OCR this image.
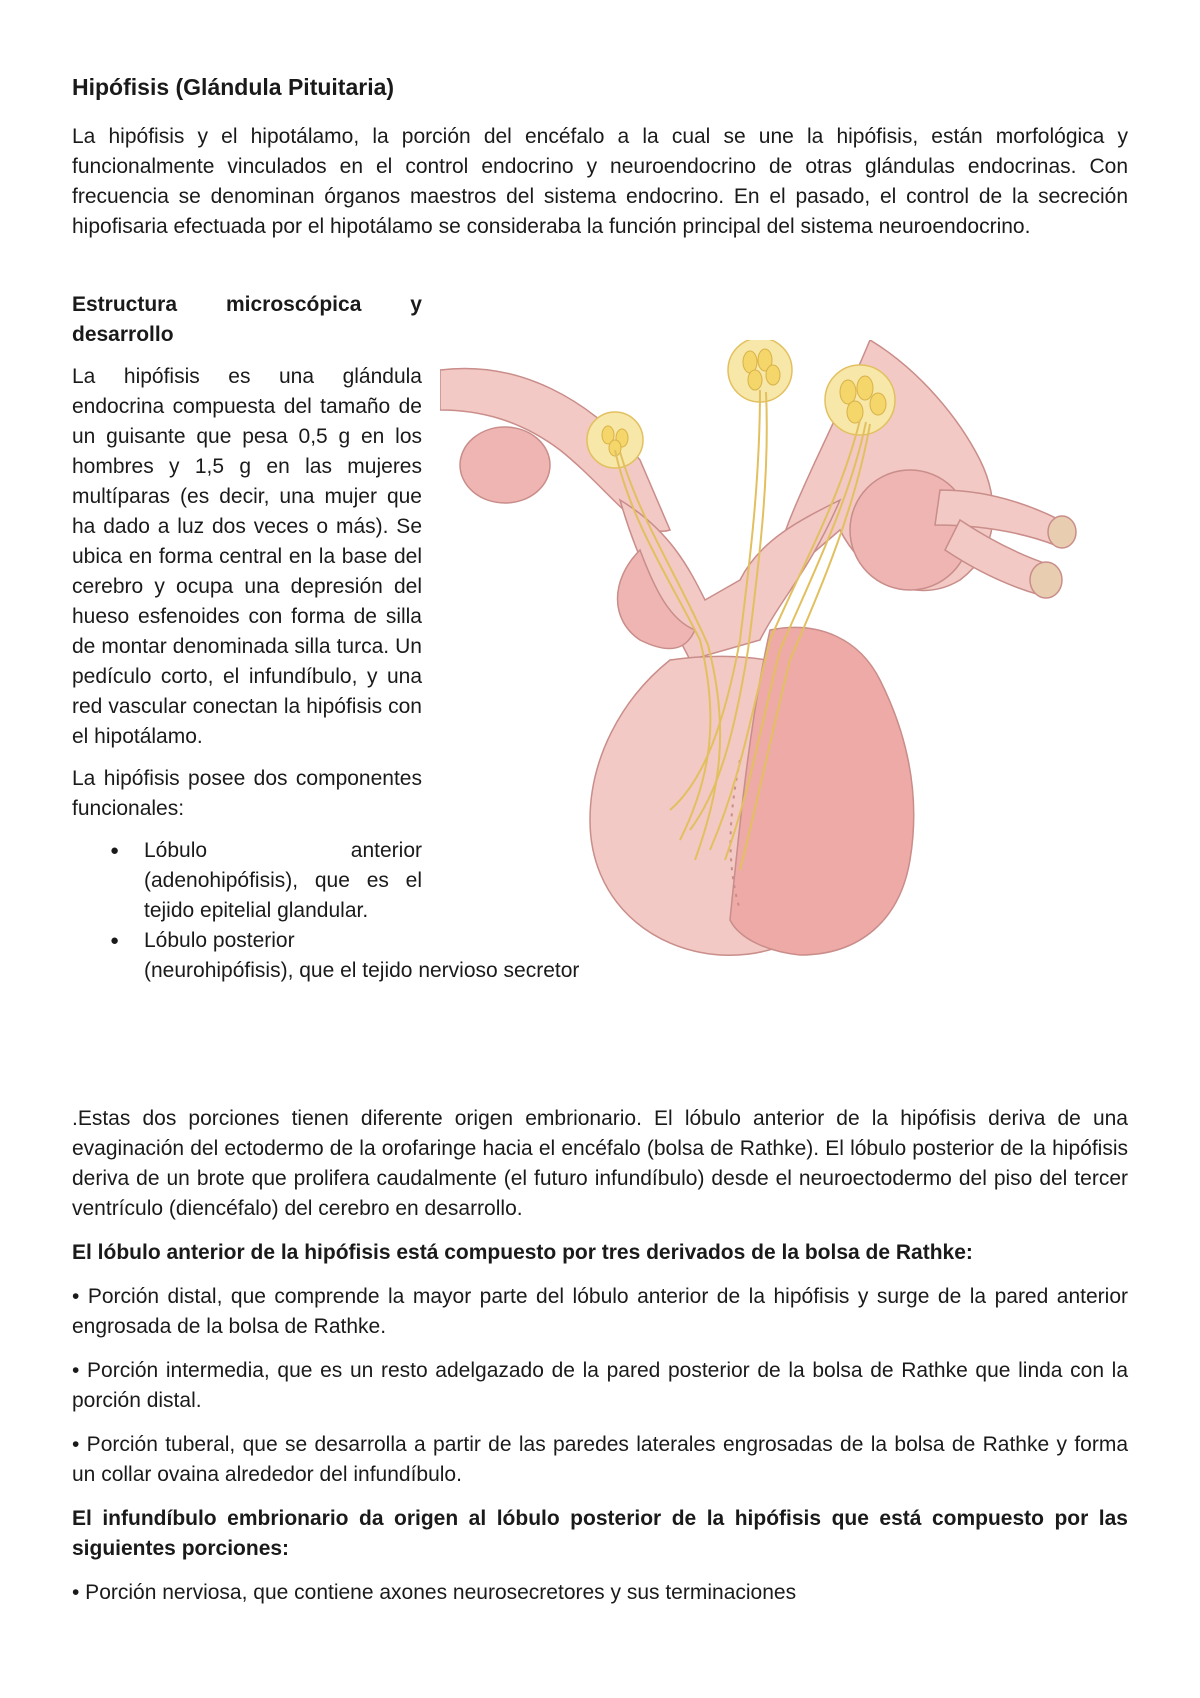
Hipófisis (Glándula Pituitaria)

La hipófisis y el hipotálamo, la porción del encéfalo a la cual se une la hipófisis, están morfológica y funcionalmente vinculados en el control endocrino y neuroendocrino de otras glándulas endocrinas. Con frecuencia se denominan órganos maestros del sistema endocrino. En el pasado, el control de la secreción hipofisaria efectuada por el hipotálamo se consideraba la función principal del sistema neuroendocrino.

Estructura microscópica y desarrollo

La hipófisis es una glándula endocrina compuesta del tamaño de un guisante que pesa 0,5 g en los hombres y 1,5 g en las mujeres multíparas (es decir, una mujer que ha dado a luz dos veces o más). Se ubica en forma central en la base del cerebro y ocupa una depresión del hueso esfenoides con forma de silla de montar denominada silla turca. Un pedículo corto, el infundíbulo, y una red vascular conectan la hipófisis con el hipotálamo.

La hipófisis posee dos componentes funcionales:

● Lóbulo anterior (adenohipófisis), que es el tejido epitelial glandular.
● Lóbulo posterior
(neurohipófisis), que el tejido nervioso secretor

.Estas dos porciones tienen diferente origen embrionario. El lóbulo anterior de la hipófisis deriva de una evaginación del ectodermo de la orofaringe hacia el encéfalo (bolsa de Rathke). El lóbulo posterior de la hipófisis deriva de un brote que prolifera caudalmente (el futuro infundíbulo) desde el neuroectodermo del piso del tercer ventrículo (diencéfalo) del cerebro en desarrollo.

El lóbulo anterior de la hipófisis está compuesto por tres derivados de la bolsa de Rathke:

• Porción distal, que comprende la mayor parte del lóbulo anterior de la hipófisis y surge de la pared anterior engrosada de la bolsa de Rathke.

• Porción intermedia, que es un resto adelgazado de la pared posterior de la bolsa de Rathke que linda con la porción distal.

• Porción tuberal, que se desarrolla a partir de las paredes laterales engrosadas de la bolsa de Rathke y forma un collar ovaina alrededor del infundíbulo.

El infundíbulo embrionario da origen al lóbulo posterior de la hipófisis que está compuesto por las siguientes porciones:

• Porción nerviosa, que contiene axones neurosecretores y sus terminaciones
